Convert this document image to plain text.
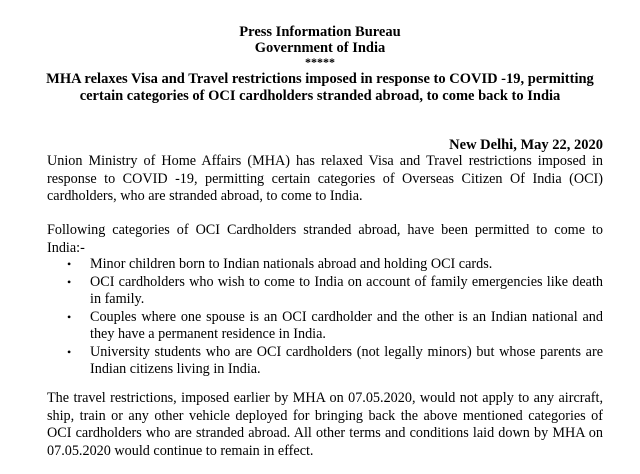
Press Information Bureau
Government of India
*****
MHA relaxes Visa and Travel restrictions imposed in response to COVID -19, permitting certain categories of OCI cardholders stranded abroad, to come back to India
New Delhi, May 22, 2020
Union Ministry of Home Affairs (MHA) has relaxed Visa and Travel restrictions imposed in response to COVID -19, permitting certain categories of Overseas Citizen Of India (OCI) cardholders, who are stranded abroad, to come to India.
Following categories of OCI Cardholders stranded abroad, have been permitted to come to India:-
• Minor children born to Indian nationals abroad and holding OCI cards.
• OCI cardholders who wish to come to India on account of family emergencies like death in family.
• Couples where one spouse is an OCI cardholder and the other is an Indian national and they have a permanent residence in India.
• University students who are OCI cardholders (not legally minors) but whose parents are Indian citizens living in India.
The travel restrictions, imposed earlier by MHA on 07.05.2020, would not apply to any aircraft, ship, train or any other vehicle deployed for bringing back the above mentioned categories of OCI cardholders who are stranded abroad. All other terms and conditions laid down by MHA on 07.05.2020 would continue to remain in effect.
